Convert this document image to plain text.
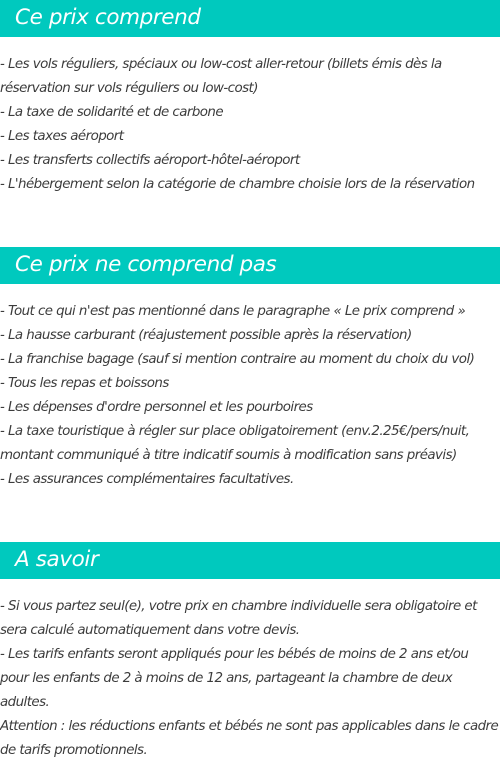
Ce prix comprend
- Les vols réguliers, spéciaux ou low-cost aller-retour (billets émis dès la réservation sur vols réguliers ou low-cost)
- La taxe de solidarité et de carbone
- Les taxes aéroport
- Les transferts collectifs aéroport-hôtel-aéroport
- L'hébergement selon la catégorie de chambre choisie lors de la réservation
Ce prix ne comprend pas
- Tout ce qui n'est pas mentionné dans le paragraphe « Le prix comprend »
- La hausse carburant (réajustement possible après la réservation)
- La franchise bagage (sauf si mention contraire au moment du choix du vol)
- Tous les repas et boissons
- Les dépenses d'ordre personnel et les pourboires
- La taxe touristique à régler sur place obligatoirement (env.2.25€/pers/nuit, montant communiqué à titre indicatif soumis à modification sans préavis)
- Les assurances complémentaires facultatives.
A savoir
- Si vous partez seul(e), votre prix en chambre individuelle sera obligatoire et sera calculé automatiquement dans votre devis.
- Les tarifs enfants seront appliqués pour les bébés de moins de 2 ans et/ou pour les enfants de 2 à moins de 12 ans, partageant la chambre de deux adultes.
Attention : les réductions enfants et bébés ne sont pas applicables dans le cadre de tarifs promotionnels.
